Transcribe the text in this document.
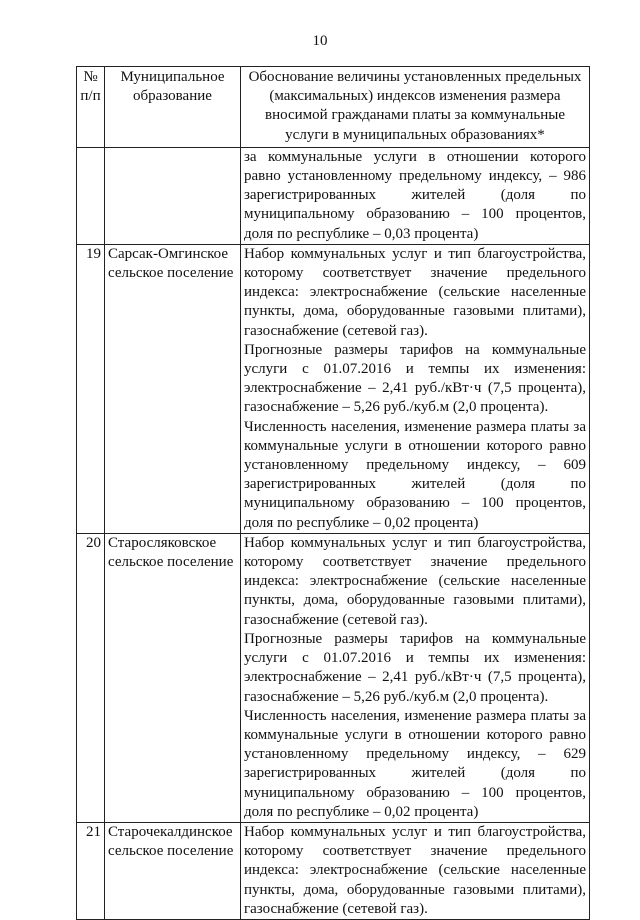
10
№ п/п	Муниципальное образование	Обоснование величины установленных предельных (максимальных) индексов изменения размера вносимой гражданами платы за коммунальные услуги в муниципальных образованиях*

		за коммунальные услуги в отношении которого равно установленному предельному индексу, – 986 зарегистрированных жителей (доля по муниципальному образованию – 100 процентов, доля по республике – 0,03 процента)

19	Сарсак-Омгинское сельское поселение	Набор коммунальных услуг и тип благоустройства, которому соответствует значение предельного индекса: электроснабжение (сельские населенные пункты, дома, оборудованные газовыми плитами), газоснабжение (сетевой газ).

Прогнозные размеры тарифов на коммунальные услуги с 01.07.2016 и темпы их изменения: электроснабжение – 2,41 руб./кВт·ч (7,5 процента), газоснабжение – 5,26 руб./куб.м (2,0 процента).

Численность населения, изменение размера платы за коммунальные услуги в отношении которого равно установленному предельному индексу, – 609 зарегистрированных жителей (доля по муниципальному образованию – 100 процентов, доля по республике – 0,02 процента)

20	Старосляковское сельское поселение	Набор коммунальных услуг и тип благоустройства, которому соответствует значение предельного индекса: электроснабжение (сельские населенные пункты, дома, оборудованные газовыми плитами), газоснабжение (сетевой газ).

Прогнозные размеры тарифов на коммунальные услуги с 01.07.2016 и темпы их изменения: электроснабжение – 2,41 руб./кВт·ч (7,5 процента), газоснабжение – 5,26 руб./куб.м (2,0 процента).

Численность населения, изменение размера платы за коммунальные услуги в отношении которого равно установленному предельному индексу, – 629 зарегистрированных жителей (доля по муниципальному образованию – 100 процентов, доля по республике – 0,02 процента)

21	Старочекалдинское сельское поселение	Набор коммунальных услуг и тип благоустройства, которому соответствует значение предельного индекса: электроснабжение (сельские населенные пункты, дома, оборудованные газовыми плитами), газоснабжение (сетевой газ).
